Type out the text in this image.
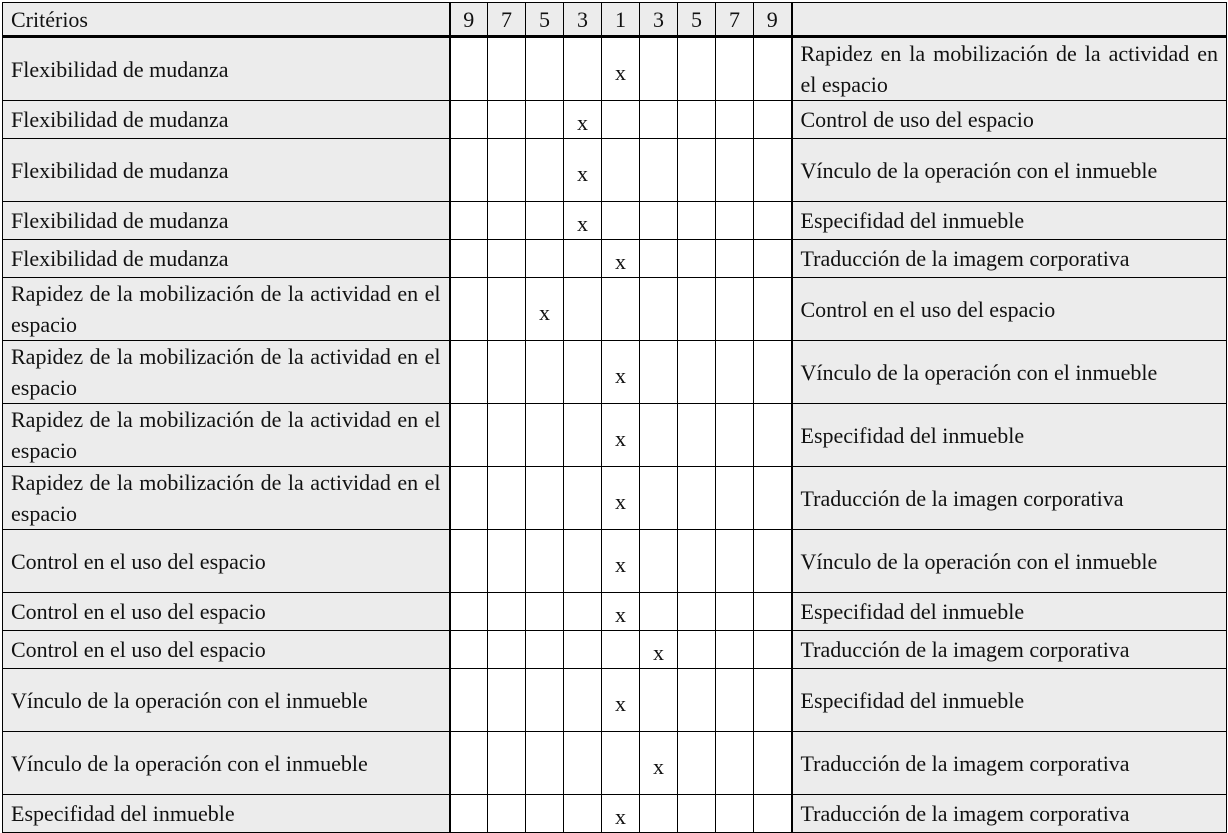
Critérios	9	7	5	3	1	3	5	7	9	
Flexibilidad de mudanza					x					Rapidez en la mobilización de la actividad en el espacio
Flexibilidad de mudanza				x						Control de uso del espacio
Flexibilidad de mudanza				x						Vínculo de la operación con el inmueble
Flexibilidad de mudanza				x						Especifidad del inmueble
Flexibilidad de mudanza					x					Traducción de la imagem corporativa
Rapidez de la mobilización de la actividad en el espacio			x							Control en el uso del espacio
Rapidez de la mobilización de la actividad en el espacio					x					Vínculo de la operación con el inmueble
Rapidez de la mobilización de la actividad en el espacio					x					Especifidad del inmueble
Rapidez de la mobilización de la actividad en el espacio					x					Traducción de la imagen corporativa
Control en el uso del espacio					x					Vínculo de la operación con el inmueble
Control en el uso del espacio					x					Especifidad del inmueble
Control en el uso del espacio						x				Traducción de la imagem corporativa
Vínculo de la operación con el inmueble					x					Especifidad del inmueble
Vínculo de la operación con el inmueble						x				Traducción de la imagem corporativa
Especifidad del inmueble					x					Traducción de la imagem corporativa
